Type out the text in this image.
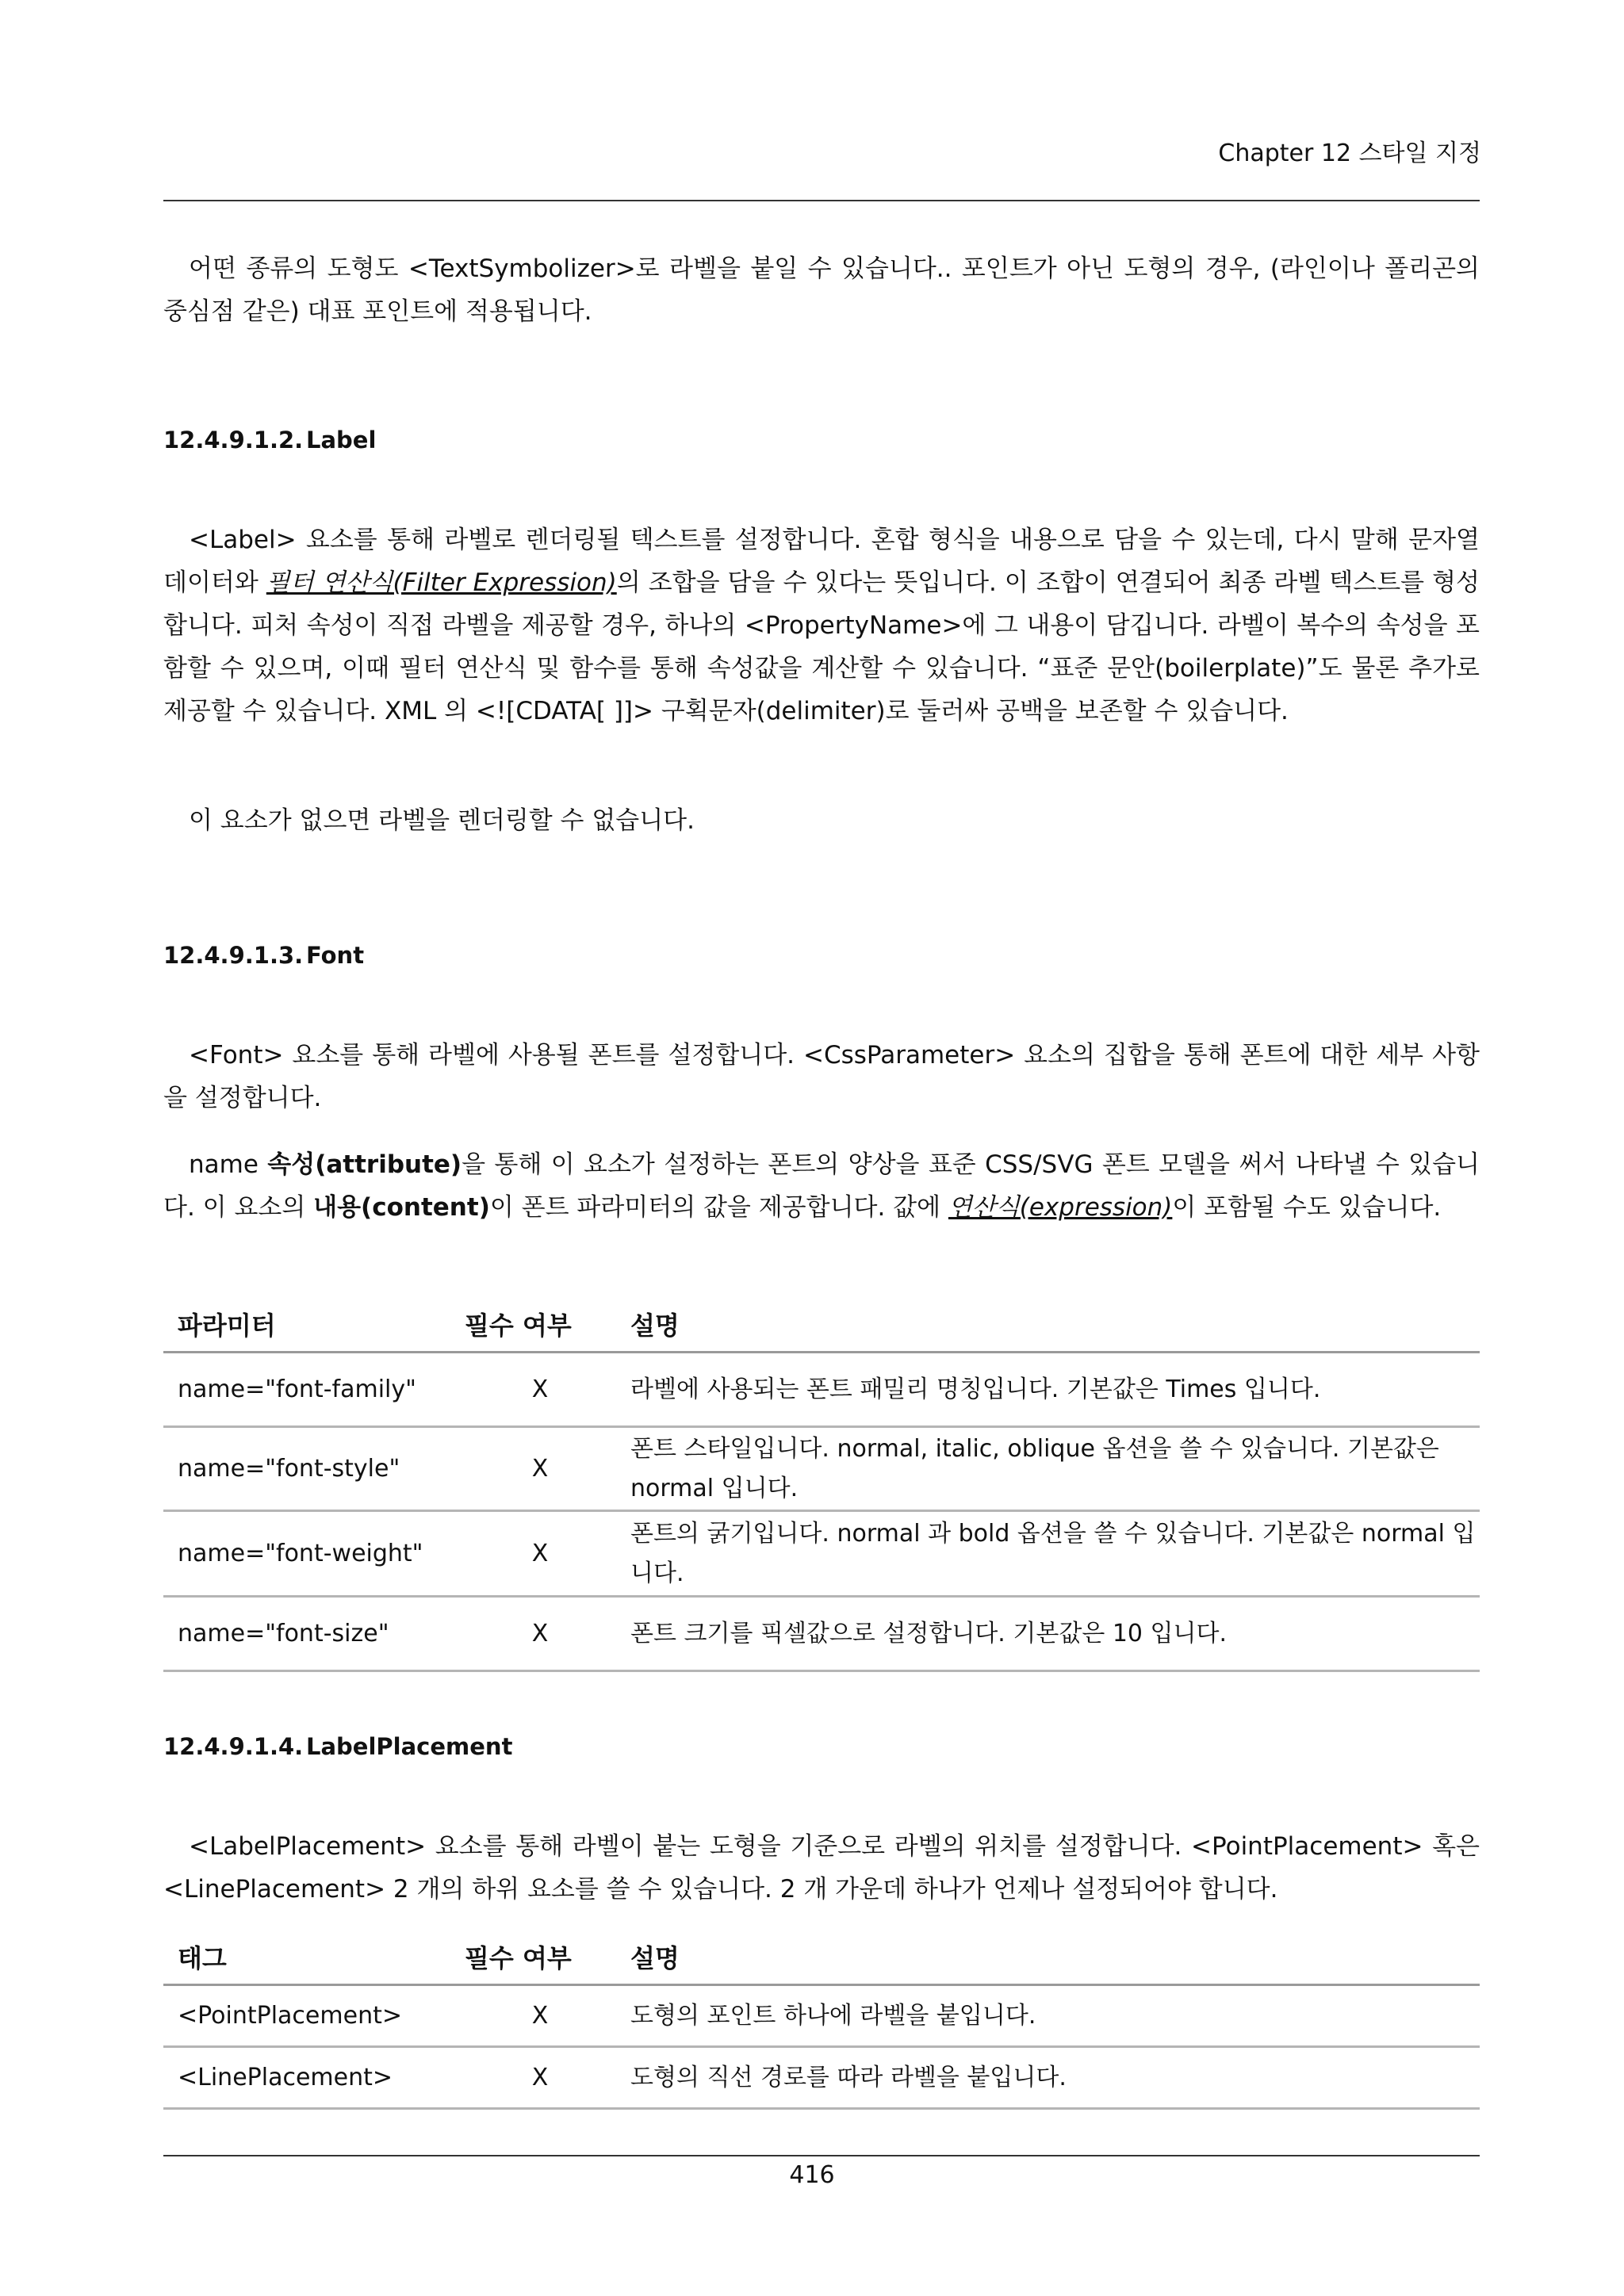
Chapter 12 스타일 지정

어떤 종류의 도형도 <TextSymbolizer>로 라벨을 붙일 수 있습니다.. 포인트가 아닌 도형의 경우, (라인이나 폴리곤의 중심점 같은) 대표 포인트에 적용됩니다.

12.4.9.1.2. Label

<Label> 요소를 통해 라벨로 렌더링될 텍스트를 설정합니다. 혼합 형식을 내용으로 담을 수 있는데, 다시 말해 문자열 데이터와 필터 연산식(Filter Expression)의 조합을 담을 수 있다는 뜻입니다. 이 조합이 연결되어 최종 라벨 텍스트를 형성합니다. 피처 속성이 직접 라벨을 제공할 경우, 하나의 <PropertyName>에 그 내용이 담깁니다. 라벨이 복수의 속성을 포함할 수 있으며, 이때 필터 연산식 및 함수를 통해 속성값을 계산할 수 있습니다. “표준 문안(boilerplate)”도 물론 추가로 제공할 수 있습니다. XML 의 <![CDATA[ ]]> 구획문자(delimiter)로 둘러싸 공백을 보존할 수 있습니다.

이 요소가 없으면 라벨을 렌더링할 수 없습니다.

12.4.9.1.3. Font

<Font> 요소를 통해 라벨에 사용될 폰트를 설정합니다. <CssParameter> 요소의 집합을 통해 폰트에 대한 세부 사항을 설정합니다.

name 속성(attribute)을 통해 이 요소가 설정하는 폰트의 양상을 표준 CSS/SVG 폰트 모델을 써서 나타낼 수 있습니다. 이 요소의 내용(content)이 폰트 파라미터의 값을 제공합니다. 값에 연산식(expression)이 포함될 수도 있습니다.

파라미터	필수 여부	설명
name="font-family"	X	라벨에 사용되는 폰트 패밀리 명칭입니다. 기본값은 Times 입니다.
name="font-style"	X	폰트 스타일입니다. normal, italic, oblique 옵션을 쓸 수 있습니다. 기본값은 normal 입니다.
name="font-weight"	X	폰트의 굵기입니다. normal 과 bold 옵션을 쓸 수 있습니다. 기본값은 normal 입니다.
name="font-size"	X	폰트 크기를 픽셀값으로 설정합니다. 기본값은 10 입니다.

12.4.9.1.4. LabelPlacement

<LabelPlacement> 요소를 통해 라벨이 붙는 도형을 기준으로 라벨의 위치를 설정합니다. <PointPlacement> 혹은 <LinePlacement> 2 개의 하위 요소를 쓸 수 있습니다. 2 개 가운데 하나가 언제나 설정되어야 합니다.

태그	필수 여부	설명
<PointPlacement>	X	도형의 포인트 하나에 라벨을 붙입니다.
<LinePlacement>	X	도형의 직선 경로를 따라 라벨을 붙입니다.
416
